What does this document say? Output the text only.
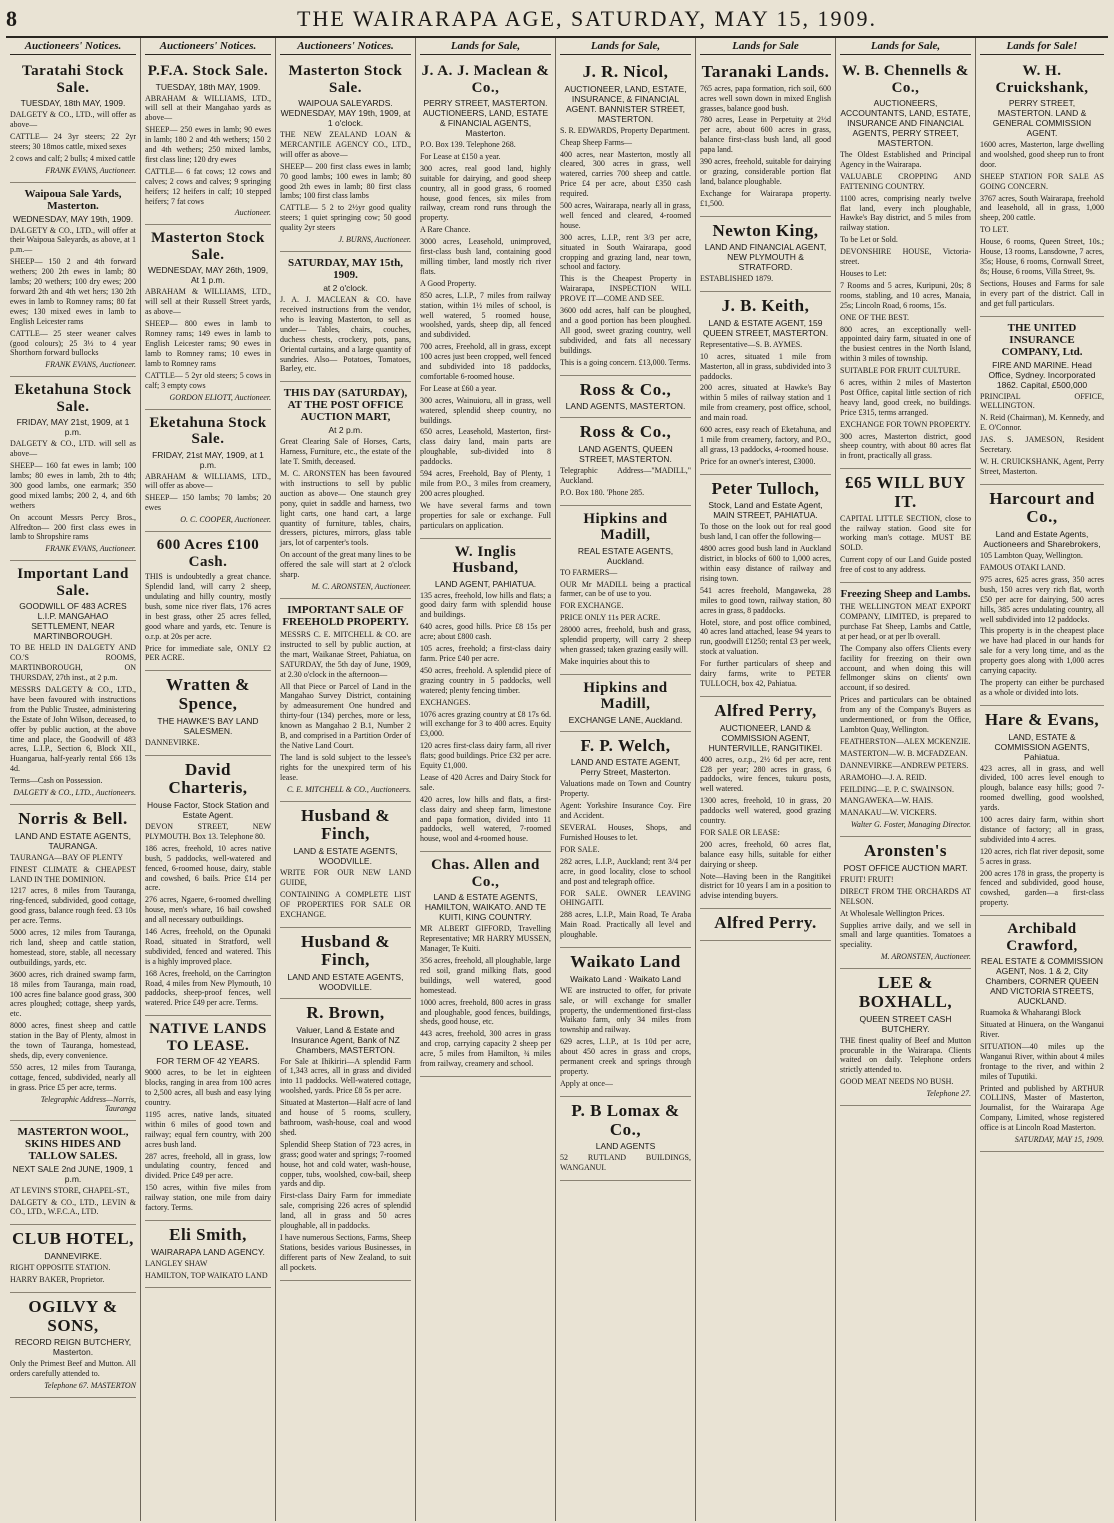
8	THE WAIRARAPA AGE, SATURDAY, MAY 15, 1909.
Auctioneers' Notices.
Taratahi Stock Sale.
TUESDAY, 18th MAY, 1909.

DALGETY & CO., LTD., will offer as above—

CATTLE— 24 3yr steers; 22 2yr steers; 30 18mos cattle, mixed sexes

2 cows and calf; 2 bulls; 4 mixed cattle

FRANK EVANS, Auctioneer.
Waipoua Sale Yards, Masterton.
WEDNESDAY, MAY 19th, 1909.

DALGETY & CO., LTD., will offer at their Waipoua Saleyards, as above, at 1 p.m.—

SHEEP— 150 2 and 4th forward wethers; 200 2th ewes in lamb; 80 lambs; 20 wethers; 100 dry ewes; 200 forward 2th and 4th wet hers; 130 2th ewes in lamb to Romney rams; 80 fat ewes; 130 mixed ewes in lamb to English Leicester rams

CATTLE— 25 steer weaner calves (good colours); 25 3½ to 4 year Shorthorn forward bullocks

FRANK EVANS, Auctioneer.
Eketahuna Stock Sale.
FRIDAY, MAY 21st, 1909, at 1 p.m.

DALGETY & CO., LTD. will sell as above—

SHEEP— 160 fat ewes in lamb; 100 lambs; 80 ewes in lamb, 2th to 4th; 300 good lambs, one earmark; 350 good mixed lambs; 200 2, 4, and 6th wethers

On account Messrs Percy Bros., Alfredton— 200 first class ewes in lamb to Shropshire rams

FRANK EVANS, Auctioneer.
Important Land Sale.
GOODWILL OF 483 ACRES L.I.P. MANGAHAO SETTLEMENT, NEAR MARTINBOROUGH.

TO BE HELD IN DALGETY AND CO.'S ROOMS, MARTINBOROUGH, ON THURSDAY, 27th inst., at 2 p.m.

MESSRS DALGETY & CO., LTD., have been favoured with instructions from the Public Trustee, administering the Estate of John Wilson, deceased, to offer by public auction, at the above time and place, the Goodwill of 483 acres, L.I.P., Section 6, Block XII., Huangarua, half-yearly rental £66 13s 4d.

Terms—Cash on Possession.

DALGETY & CO., LTD., Auctioneers.
Norris & Bell.
LAND AND ESTATE AGENTS, TAURANGA.

TAURANGA—BAY OF PLENTY

FINEST CLIMATE & CHEAPEST LAND IN THE DOMINION.

1217 acres, 8 miles from Tauranga, ring-fenced, subdivided, good cottage, good grass, balance rough feed. £3 10s per acre. Terms.

5000 acres, 12 miles from Tauranga, rich land, sheep and cattle station, homestead, store, stable, all necessary outbuildings, yards, etc.

3600 acres, rich drained swamp farm, 18 miles from Tauranga, main road, 100 acres fine balance good grass, 300 acres ploughed; cottage, sheep yards, etc.

8000 acres, finest sheep and cattle station in the Bay of Plenty, almost in the town of Tauranga, homestead, sheds, dip, every convenience.

550 acres, 12 miles from Tauranga, cottage, fenced, subdivided, nearly all in grass. Price £5 per acre, terms.

Telegraphic Address—Norris, Tauranga
MASTERTON WOOL, SKINS HIDES AND TALLOW SALES.
NEXT SALE 2nd JUNE, 1909, 1 p.m.

AT LEVIN'S STORE, CHAPEL-ST.,

DALGETY & CO., LTD., LEVIN & CO., LTD., W.F.C.A., LTD.

CLUB HOTEL,
DANNEVIRKE.

RIGHT OPPOSITE STATION.

HARRY BAKER, Proprietor.

OGILVY & SONS,
RECORD REIGN BUTCHERY, Masterton.

Only the Primest Beef and Mutton. All orders carefully attended to.

Telephone 67. MASTERTON
Auctioneers' Notices.
P.F.A. Stock Sale.
TUESDAY, 18th MAY, 1909.

ABRAHAM & WILLIAMS, LTD., will sell at their Mangahao yards as above—

SHEEP— 250 ewes in lamb; 90 ewes in lamb; 180 2 and 4th wethers; 150 2 and 4th wethers; 250 mixed lambs, first class line; 120 dry ewes

CATTLE— 6 fat cows; 12 cows and calves; 2 cows and calves; 9 springing heifers; 12 heifers in calf; 10 stepped heifers; 7 fat cows

Auctioneer.
Masterton Stock Sale.
WEDNESDAY, MAY 26th, 1909, At 1 p.m.

ABRAHAM & WILLIAMS, LTD., will sell at their Russell Street yards, as above—

SHEEP— 800 ewes in lamb to Romney rams; 149 ewes in lamb to English Leicester rams; 90 ewes in lamb to Romney rams; 10 ewes in lamb to Romney rams

CATTLE— 5 2yr old steers; 5 cows in calf; 3 empty cows

GORDON ELIOTT, Auctioneer.
Eketahuna Stock Sale.
FRIDAY, 21st MAY, 1909, at 1 p.m.

ABRAHAM & WILLIAMS, LTD., will offer as above—

SHEEP— 150 lambs; 70 lambs; 20 ewes

O. C. COOPER, Auctioneer.
600 Acres £100 Cash.

THIS is undoubtedly a great chance. Splendid land, will carry 2 sheep, undulating and hilly country, mostly bush, some nice river flats, 176 acres in best grass, other 25 acres felled, good whare and yards, etc. Tenure is o.r.p. at 20s per acre.

Price for immediate sale, ONLY £2 PER ACRE.

Wratten & Spence,
THE HAWKE'S BAY LAND SALESMEN.

DANNEVIRKE.

David Charteris,
House Factor, Stock Station and Estate Agent.

DEVON STREET, NEW PLYMOUTH. Box 13. Telephone 80.

186 acres, freehold, 10 acres native bush, 5 paddocks, well-watered and fenced, 6-roomed house, dairy, stable and cowshed, 6 bails. Price £14 per acre.

276 acres, Ngaere, 6-roomed dwelling house, men's whare, 16 bail cowshed and all necessary outbuildings.

146 Acres, freehold, on the Opunaki Road, situated in Stratford, well subdivided, fenced and watered. This is a highly improved place.

168 Acres, freehold, on the Carrington Road, 4 miles from New Plymouth, 10 paddocks, sheep-proof fences, well watered. Price £49 per acre. Terms.

NATIVE LANDS TO LEASE.
FOR TERM OF 42 YEARS.

9000 acres, to be let in eighteen blocks, ranging in area from 100 acres to 2,500 acres, all bush and easy lying country.

1195 acres, native lands, situated within 6 miles of good town and railway; equal fern country, with 200 acres bush land.

287 acres, freehold, all in grass, low undulating country, fenced and divided. Price £49 per acre.

150 acres, within five miles from railway station, one mile from dairy factory. Terms.

Eli Smith,
WAIRARAPA LAND AGENCY.

LANGLEY SHAW

HAMILTON, TOP WAIKATO LAND

Auctioneers' Notices.
Masterton Stock Sale.
WAIPOUA SALEYARDS. WEDNESDAY, MAY 19th, 1909, at 1 o'clock.

THE NEW ZEALAND LOAN & MERCANTILE AGENCY CO., LTD., will offer as above—

SHEEP— 200 first class ewes in lamb; 70 good lambs; 100 ewes in lamb; 80 good 2th ewes in lamb; 80 first class lambs; 100 first class lambs

CATTLE— 5 2 to 2½yr good quality steers; 1 quiet springing cow; 50 good quality 2yr steers

J. BURNS, Auctioneer.
SATURDAY, MAY 15th, 1909.
at 2 o'clock.

J. A. J. MACLEAN & CO. have received instructions from the vendor, who is leaving Masterton, to sell as under— Tables, chairs, couches, duchess chests, crockery, pots, pans, Oriental curtains, and a large quantity of sundries. Also— Potatoes, Tomatoes, Barley, etc.

THIS DAY (SATURDAY), AT THE POST OFFICE AUCTION MART,
At 2 p.m.

Great Clearing Sale of Horses, Carts, Harness, Furniture, etc., the estate of the late T. Smith, deceased.

M. C. ARONSTEN has been favoured with instructions to sell by public auction as above— One staunch grey pony, quiet in saddle and harness, two light carts, one hand cart, a large quantity of furniture, tables, chairs, dressers, pictures, mirrors, glass table jars, lot of carpenter's tools.

On account of the great many lines to be offered the sale will start at 2 o'clock sharp.

M. C. ARONSTEN, Auctioneer.
IMPORTANT SALE OF FREEHOLD PROPERTY.

MESSRS C. E. MITCHELL & CO. are instructed to sell by public auction, at the mart, Waikanae Street, Pahiatua, on SATURDAY, the 5th day of June, 1909, at 2.30 o'clock in the afternoon—

All that Piece or Parcel of Land in the Mangahao Survey District, containing by admeasurement One hundred and thirty-four (134) perches, more or less, known as Mangahao 2 B.1, Number 2 B, and comprised in a Partition Order of the Native Land Court.

The land is sold subject to the lessee's rights for the unexpired term of his lease.

C. E. MITCHELL & CO., Auctioneers.
Husband & Finch,
LAND & ESTATE AGENTS, WOODVILLE.

WRITE FOR OUR NEW LAND GUIDE,

CONTAINING A COMPLETE LIST OF PROPERTIES FOR SALE OR EXCHANGE.

Husband & Finch,
LAND AND ESTATE AGENTS, WOODVILLE.
R. Brown,
Valuer, Land & Estate and Insurance Agent, Bank of NZ Chambers, MASTERTON.

For Sale at Ihikiriri—A splendid Farm of 1,343 acres, all in grass and divided into 11 paddocks. Well-watered cottage, woolshed, yards. Price £8 5s per acre.

Situated at Masterton—Half acre of land and house of 5 rooms, scullery, bathroom, wash-house, coal and wood shed.

Splendid Sheep Station of 723 acres, in grass; good water and springs; 7-roomed house, hot and cold water, wash-house, copper, tubs, woolshed, cow-bail, sheep yards and dip.

First-class Dairy Farm for immediate sale, comprising 226 acres of splendid land, all in grass and 50 acres ploughable, all in paddocks.

I have numerous Sections, Farms, Sheep Stations, besides various Businesses, in different parts of New Zealand, to suit all pockets.

Lands for Sale,
J. A. J. Maclean & Co.,
PERRY STREET, MASTERTON. AUCTIONEERS, LAND, ESTATE & FINANCIAL AGENTS, Masterton.

P.O. Box 139. Telephone 268.

For Lease at £150 a year.

300 acres, real good land, highly suitable for dairying, and good sheep country, all in good grass, 6 roomed house, good fences, six miles from railway, cream rond runs through the property.

A Rare Chance.

3000 acres, Leasehold, unimproved, first-class bush land, containing good milling timber, land mostly rich river flats.

A Good Property.

850 acres, L.I.P., 7 miles from railway station, within 1½ miles of school, is well watered, 5 roomed house, woolshed, yards, sheep dip, all fenced and subdivided.

700 acres, Freehold, all in grass, except 100 acres just been cropped, well fenced and subdivided into 18 paddocks, comfortable 6-roomed house.

For Lease at £60 a year.

300 acres, Wainuioru, all in grass, well watered, splendid sheep country, no buildings.

650 acres, Leasehold, Masterton, first-class dairy land, main parts are ploughable, sub-divided into 8 paddocks.

594 acres, Freehold, Bay of Plenty, 1 mile from P.O., 3 miles from creamery, 200 acres ploughed.

We have several farms and town properties for sale or exchange. Full particulars on application.

W. Inglis Husband,
LAND AGENT, PAHIATUA.

135 acres, freehold, low hills and flats; a good dairy farm with splendid house and buildings.

640 acres, good hills. Price £8 15s per acre; about £800 cash.

105 acres, freehold; a first-class dairy farm. Price £40 per acre.

450 acres, freehold. A splendid piece of grazing country in 5 paddocks, well watered; plenty fencing timber.

EXCHANGES.

1076 acres grazing country at £8 17s 6d. will exchange for 3 to 400 acres. Equity £3,000.

120 acres first-class dairy farm, all river flats; good buildings. Price £32 per acre. Equity £1,000.

Lease of 420 Acres and Dairy Stock for sale.

420 acres, low hills and flats, a first-class dairy and sheep farm, limestone and papa formation, divided into 11 paddocks, well watered, 7-roomed house, wool and 4-roomed house.

Chas. Allen and Co.,
LAND & ESTATE AGENTS, HAMILTON, WAIKATO. AND TE KUITI, KING COUNTRY.

MR ALBERT GIFFORD, Travelling Representative; MR HARRY MUSSEN, Manager, Te Kuiti.

356 acres, freehold, all ploughable, large red soil, grand milking flats, good buildings, well watered, good homestead.

1000 acres, freehold, 800 acres in grass and ploughable, good fences, buildings, sheds, good house, etc.

443 acres, freehold, 300 acres in grass and crop, carrying capacity 2 sheep per acre, 5 miles from Hamilton, ¾ miles from railway, creamery and school.

Lands for Sale,
J. R. Nicol,
AUCTIONEER, LAND, ESTATE, INSURANCE, & FINANCIAL AGENT. BANNISTER STREET, MASTERTON.

S. R. EDWARDS, Property Department.

Cheap Sheep Farms—

400 acres, near Masterton, mostly all cleared, 300 acres in grass, well watered, carries 700 sheep and cattle. Price £4 per acre, about £350 cash required.

500 acres, Wairarapa, nearly all in grass, well fenced and cleared, 4-roomed house.

300 acres, L.I.P., rent 3/3 per acre, situated in South Wairarapa, good cropping and grazing land, near town, school and factory.

This is the Cheapest Property in Wairarapa, INSPECTION WILL PROVE IT—COME AND SEE.

3600 odd acres, half can be ploughed, and a good portion has been ploughed. All good, sweet grazing country, well subdivided, and fats all necessary buildings.

This is a going concern. £13,000. Terms.

Ross & Co.,
LAND AGENTS, MASTERTON.
Ross & Co.,
LAND AGENTS, QUEEN STREET, MASTERTON.

Telegraphic Address—"MADILL," Auckland.

P.O. Box 180. 'Phone 285.

Hipkins and Madill,
REAL ESTATE AGENTS, Auckland.

TO FARMERS—

OUR Mr MADILL being a practical farmer, can be of use to you.

FOR EXCHANGE.

PRICE ONLY 11s PER ACRE.

28000 acres, freehold, bush and grass, splendid property, will carry 2 sheep when grassed; taken grazing easily will.

Make inquiries about this to

Hipkins and Madill,
EXCHANGE LANE, Auckland.
F. P. Welch,
LAND AND ESTATE AGENT, Perry Street, Masterton.

Valuations made on Town and Country Property.

Agent: Yorkshire Insurance Coy. Fire and Accident.

SEVERAL Houses, Shops, and Furnished Houses to let.

FOR SALE.

282 acres, L.I.P., Auckland; rent 3/4 per acre, in good locality, close to school and post and telegraph office.

FOR SALE. OWNER LEAVING OHINGAITI.

288 acres, L.I.P., Main Road, Te Araba Main Road. Practically all level and ploughable.

Waikato Land
Waikato Land · Waikato Land

WE are instructed to offer, for private sale, or will exchange for smaller property, the undermentioned first-class Waikato farm, only 34 miles from township and railway.

629 acres, L.I.P., at 1s 10d per acre, about 450 acres in grass and crops, permanent creek and springs through property.

Apply at once—

P. B Lomax & Co.,
LAND AGENTS

52 RUTLAND BUILDINGS, WANGANUI.

Lands for Sale
Taranaki Lands.

765 acres, papa formation, rich soil, 600 acres well sown down in mixed English grasses, balance good bush.

780 acres, Lease in Perpetuity at 2½d per acre, about 600 acres in grass, balance first-class bush land, all good papa land.

390 acres, freehold, suitable for dairying or grazing, considerable portion flat land, balance ploughable.

Exchange for Wairarapa property. £1,500.

Newton King,
LAND AND FINANCIAL AGENT, NEW PLYMOUTH & STRATFORD.

ESTABLISHED 1879.

J. B. Keith,
LAND & ESTATE AGENT, 159 QUEEN STREET, MASTERTON.

Representative—S. B. AYMES.

10 acres, situated 1 mile from Masterton, all in grass, subdivided into 3 paddocks.

200 acres, situated at Hawke's Bay within 5 miles of railway station and 1 mile from creamery, post office, school, and main road.

600 acres, easy reach of Eketahuna, and 1 mile from creamery, factory, and P.O., all grass, 13 paddocks, 4-roomed house.

Price for an owner's interest, £3000.

Peter Tulloch,
Stock, Land and Estate Agent, MAIN STREET, PAHIATUA.

To those on the look out for real good bush land, I can offer the following—

4800 acres good bush land in Auckland district, in blocks of 600 to 1,000 acres, within easy distance of railway and rising town.

541 acres freehold, Mangaweka, 28 miles to good town, railway station, 80 acres in grass, 8 paddocks.

Hotel, store, and post office combined, 40 acres land attached, lease 94 years to run, goodwill £1250; rental £3 per week, stock at valuation.

For further particulars of sheep and dairy farms, write to PETER TULLOCH, box 42, Pahiatua.

Alfred Perry,
AUCTIONEER, LAND & COMMISSION AGENT, HUNTERVILLE, RANGITIKEI.

400 acres, o.r.p., 2½ 6d per acre, rent £28 per year; 280 acres in grass, 6 paddocks, wire fences, tukuru posts, well watered.

1300 acres, freehold, 10 in grass, 20 paddocks well watered, good grazing country.

FOR SALE OR LEASE:

200 acres, freehold, 60 acres flat, balance easy hills, suitable for either dairying or sheep.

Note—Having been in the Rangitikei district for 10 years I am in a position to advise intending buyers.

Alfred Perry.
Lands for Sale,
W. B. Chennells & Co.,
AUCTIONEERS, ACCOUNTANTS, LAND, ESTATE, INSURANCE AND FINANCIAL AGENTS, PERRY STREET, MASTERTON.

The Oldest Established and Principal Agency in the Wairarapa.

VALUABLE CROPPING AND FATTENING COUNTRY.

1100 acres, comprising nearly twelve flat land, every inch ploughable, Hawke's Bay district, and 5 miles from railway station.

To be Let or Sold.

DEVONSHIRE HOUSE, Victoria-street.

Houses to Let:

7 Rooms and 5 acres, Kuripuni, 20s; 8 rooms, stabling, and 10 acres, Manaia, 25s; Lincoln Road, 6 rooms, 15s.

ONE OF THE BEST.

800 acres, an exceptionally well-appointed dairy farm, situated in one of the busiest centres in the North Island, within 3 miles of township.

SUITABLE FOR FRUIT CULTURE.

6 acres, within 2 miles of Masterton Post Office, capital little section of rich heavy land, good creek, no buildings. Price £315, terms arranged.

EXCHANGE FOR TOWN PROPERTY.

300 acres, Masterton district, good sheep country, with about 80 acres flat in front, practically all grass.

£65 WILL BUY IT.

CAPITAL LITTLE SECTION, close to the railway station. Good site for working man's cottage. MUST BE SOLD.

Current copy of our Land Guide posted free of cost to any address.

Freezing Sheep and Lambs.

THE WELLINGTON MEAT EXPORT COMPANY, LIMITED, is prepared to purchase Fat Sheep, Lambs and Cattle, at per head, or at per lb overall.

The Company also offers Clients every facility for freezing on their own account, and when doing this will fellmonger skins on clients' own account, if so desired.

Prices and particulars can be obtained from any of the Company's Buyers as undermentioned, or from the Office, Lambton Quay, Wellington.

FEATHERSTON—ALEX MCKENZIE.

MASTERTON—W. B. MCFADZEAN.

DANNEVIRKE—ANDREW PETERS.

ARAMOHO—J. A. REID.

FEILDING—E. P. C. SWAINSON.

MANGAWEKA—W. HAIS.

MANAKAU—W. VICKERS.

Walter G. Foster, Managing Director.
Aronsten's
POST OFFICE AUCTION MART.

FRUIT! FRUIT!

DIRECT FROM THE ORCHARDS AT NELSON.

At Wholesale Wellington Prices.

Supplies arrive daily, and we sell in small and large quantities. Tomatoes a speciality.

M. ARONSTEN, Auctioneer.
LEE & BOXHALL,
QUEEN STREET CASH BUTCHERY.

THE finest quality of Beef and Mutton procurable in the Wairarapa. Clients waited on daily. Telephone orders strictly attended to.

GOOD MEAT NEEDS NO BUSH.

Telephone 27.
Lands for Sale!
W. H. Cruickshank,
PERRY STREET, MASTERTON. LAND & GENERAL COMMISSION AGENT.

1600 acres, Masterton, large dwelling and woolshed, good sheep run to front door.

SHEEP STATION FOR SALE AS GOING CONCERN.

3767 acres, South Wairarapa, freehold and leasehold, all in grass, 1,000 sheep, 200 cattle.

TO LET.

House, 6 rooms, Queen Street, 10s.; House, 13 rooms, Lansdowne, 7 acres, 35s; House, 6 rooms, Cornwall Street, 8s; House, 6 rooms, Villa Street, 9s.

Sections, Houses and Farms for sale in every part of the district. Call in and get full particulars.

THE UNITED INSURANCE COMPANY, Ltd.
FIRE AND MARINE. Head Office, Sydney. Incorporated 1862. Capital, £500,000

PRINCIPAL OFFICE, WELLINGTON.

N. Reid (Chairman), M. Kennedy, and E. O'Connor.

JAS. S. JAMESON, Resident Secretary.

W. H. CRUICKSHANK, Agent, Perry Street, Masterton.

Harcourt and Co.,
Land and Estate Agents, Auctioneers and Sharebrokers,

105 Lambton Quay, Wellington.

FAMOUS OTAKI LAND.

975 acres, 625 acres grass, 350 acres bush, 150 acres very rich flat, worth £50 per acre for dairying, 500 acres hills, 385 acres undulating country, all well subdivided into 12 paddocks.

This property is in the cheapest place we have had placed in our hands for sale for a very long time, and as the property goes along with 1,000 acres carrying capacity.

The property can either be purchased as a whole or divided into lots.

Hare & Evans,
LAND, ESTATE & COMMISSION AGENTS, Pahiatua.

423 acres, all in grass, and well divided, 100 acres level enough to plough, balance easy hills; good 7-roomed dwelling, good woolshed, yards.

100 acres dairy farm, within short distance of factory; all in grass, subdivided into 4 acres.

120 acres, rich flat river deposit, some 5 acres in grass.

200 acres 178 in grass, the property is fenced and subdivided, good house, cowshed, garden—a first-class property.

Archibald Crawford,
REAL ESTATE & COMMISSION AGENT, Nos. 1 & 2, City Chambers, CORNER QUEEN AND VICTORIA STREETS, AUCKLAND.

Ruamoka & Whaharangi Block

Situated at Hinuera, on the Wanganui River.

SITUATION—40 miles up the Wanganui River, within about 4 miles frontage to the river, and within 2 miles of Tuputiki.

Printed and published by ARTHUR COLLINS, Master of Masterton, Journalist, for the Wairarapa Age Company, Limited, whose registered office is at Lincoln Road Masterton.

SATURDAY, MAY 15, 1909.
